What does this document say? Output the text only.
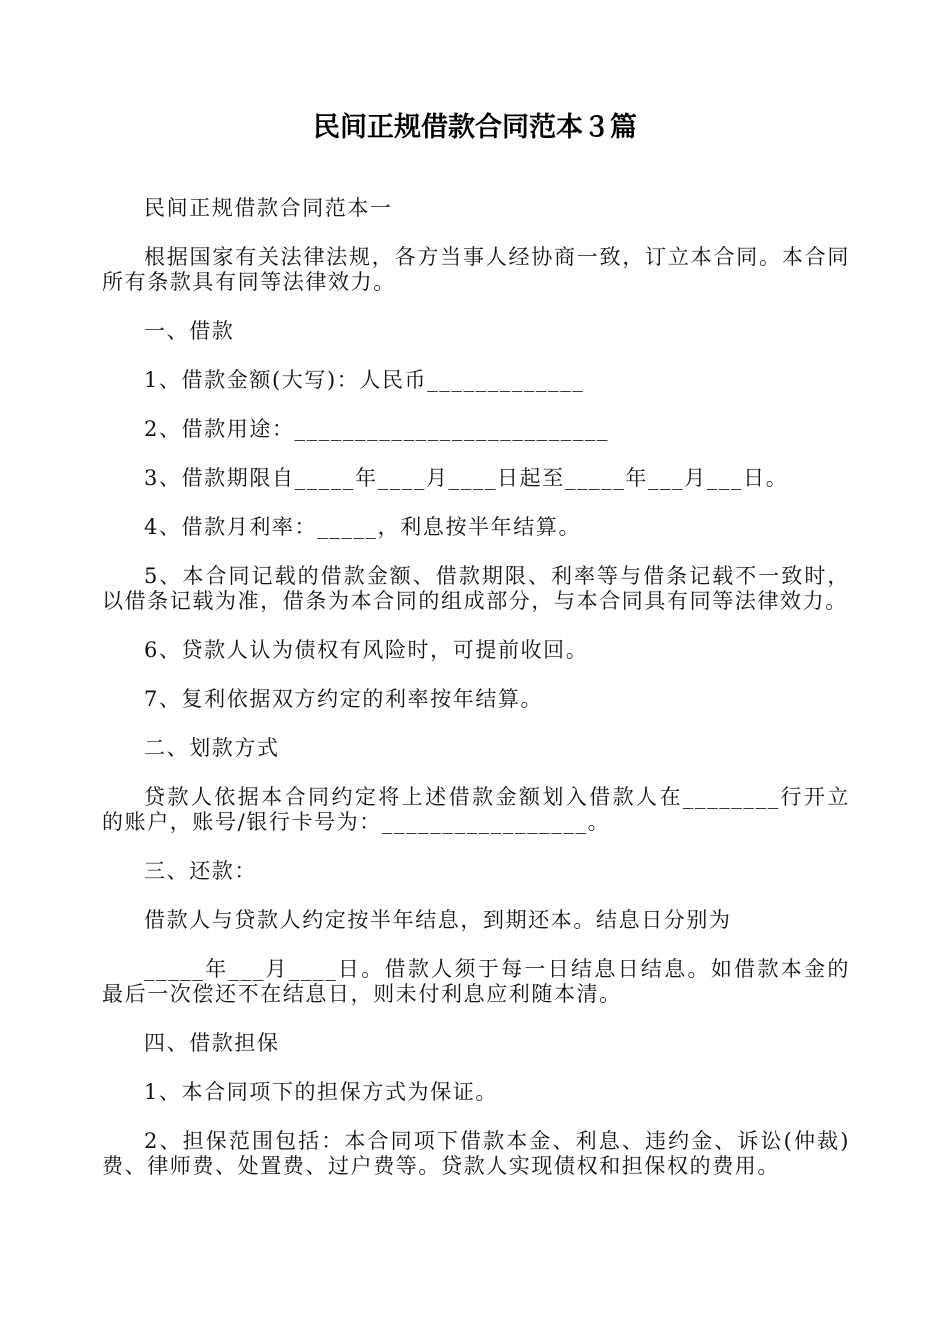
民间正规借款合同范本３篇

民间正规借款合同范本一

根据国家有关法律法规，各方当事人经协商一致，订立本合同。本合同所有条款具有同等法律效力。

一、借款

1、借款金额(大写)：人民币_____________

2、借款用途：__________________________

3、借款期限自_____年____月____日起至_____年___月___日。

4、借款月利率：_____，利息按半年结算。

5、本合同记载的借款金额、借款期限、利率等与借条记载不一致时，以借条记载为准，借条为本合同的组成部分，与本合同具有同等法律效力。

6、贷款人认为债权有风险时，可提前收回。

7、复利依据双方约定的利率按年结算。

二、划款方式

贷款人依据本合同约定将上述借款金额划入借款人在________行开立的账户，账号/银行卡号为：_________________。

三、还款：

借款人与贷款人约定按半年结息，到期还本。结息日分别为

_____年___月____日。借款人须于每一日结息日结息。如借款本金的最后一次偿还不在结息日，则未付利息应利随本清。

四、借款担保

1、本合同项下的担保方式为保证。

2、担保范围包括：本合同项下借款本金、利息、违约金、诉讼(仲裁)费、律师费、处置费、过户费等。贷款人实现债权和担保权的费用。
